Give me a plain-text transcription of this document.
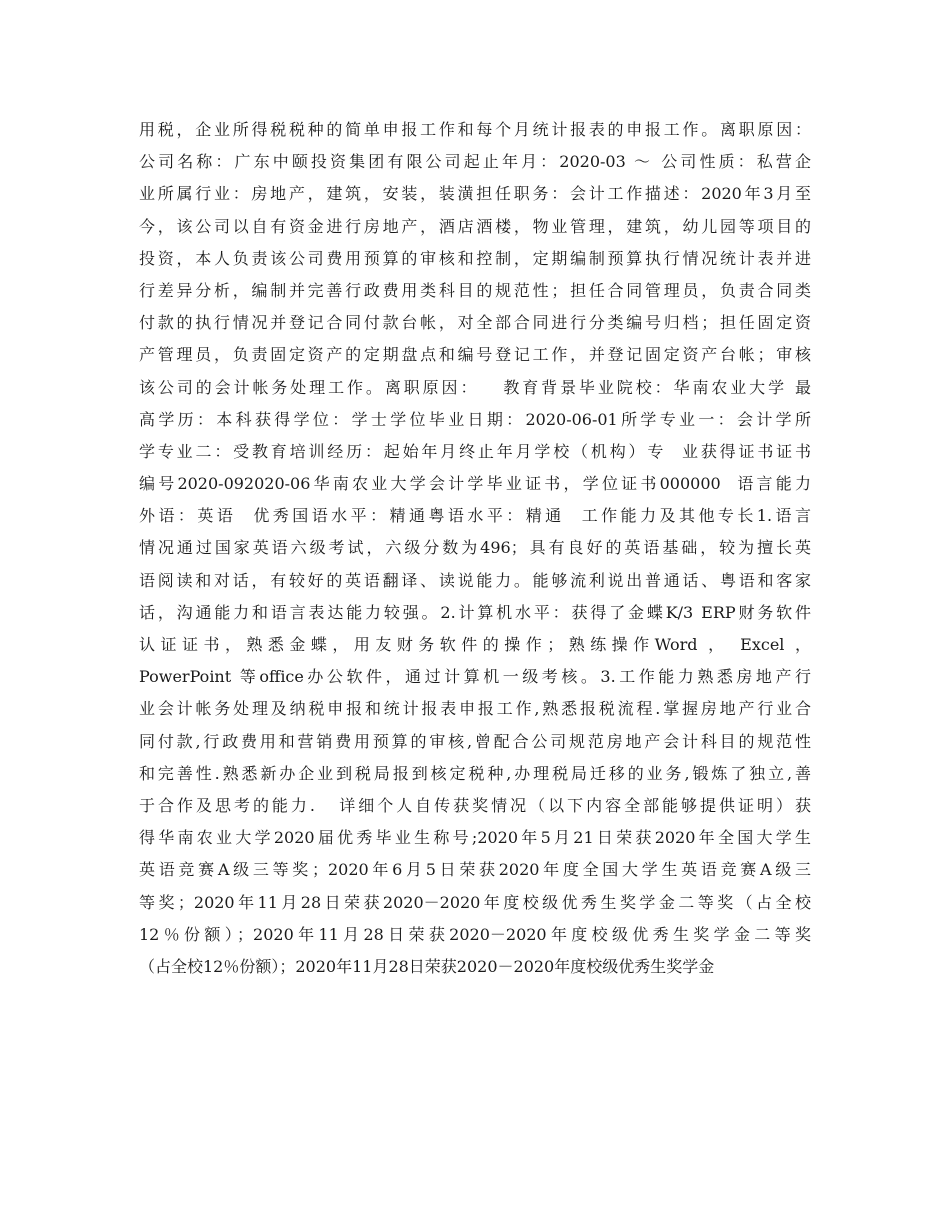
用税，企业所得税税种的简单申报工作和每个月统计报表的申报工作。离职原因：
公司名称：广东中颐投资集团有限公司起止年月：2020-03 ～ 公司性质：私营企
业所属行业：房地产，建筑，安装，装潢担任职务：会计工作描述：2020年3月至
今，该公司以自有资金进行房地产，酒店酒楼，物业管理，建筑，幼儿园等项目的
投资，本人负责该公司费用预算的审核和控制，定期编制预算执行情况统计表并进
行差异分析，编制并完善行政费用类科目的规范性；担任合同管理员，负责合同类
付款的执行情况并登记合同付款台帐，对全部合同进行分类编号归档；担任固定资
产管理员，负责固定资产的定期盘点和编号登记工作，并登记固定资产台帐；审核
该公司的会计帐务处理工作。离职原因：   教育背景毕业院校：华南农业大学 最
高学历：本科获得学位：学士学位毕业日期：2020-06-01所学专业一：会计学所
学专业二：受教育培训经历：起始年月终止年月学校（机构）专  业获得证书证书
编号2020-092020-06华南农业大学会计学毕业证书，学位证书000000  语言能力
外语：英语  优秀国语水平：精通粤语水平：精通  工作能力及其他专长1.语言
情况通过国家英语六级考试，六级分数为496；具有良好的英语基础，较为擅长英
语阅读和对话，有较好的英语翻译、读说能力。能够流利说出普通话、粤语和客家
话，沟通能力和语言表达能力较强。2.计算机水平：获得了金蝶K/3 ERP财务软件
认证证书，熟悉金蝶，用友财务软件的操作；熟练操作Word ， Excel ，
PowerPoint 等office办公软件，通过计算机一级考核。3.工作能力熟悉房地产行
业会计帐务处理及纳税申报和统计报表申报工作,熟悉报税流程.掌握房地产行业合
同付款,行政费用和营销费用预算的审核,曾配合公司规范房地产会计科目的规范性
和完善性.熟悉新办企业到税局报到核定税种,办理税局迁移的业务,锻炼了独立,善
于合作及思考的能力.   详细个人自传获奖情况（以下内容全部能够提供证明）获
得华南农业大学2020届优秀毕业生称号;2020年5月21日荣获2020年全国大学生
英语竞赛A级三等奖；2020年6月5日荣获2020年度全国大学生英语竞赛A级三
等奖；2020年11月28日荣获2020－2020年度校级优秀生奖学金二等奖（占全校
12％份额）；2020年11月28日荣获2020－2020年度校级优秀生奖学金二等奖
（占全校12％份额）；2020年11月28日荣获2020－2020年度校级优秀生奖学金
